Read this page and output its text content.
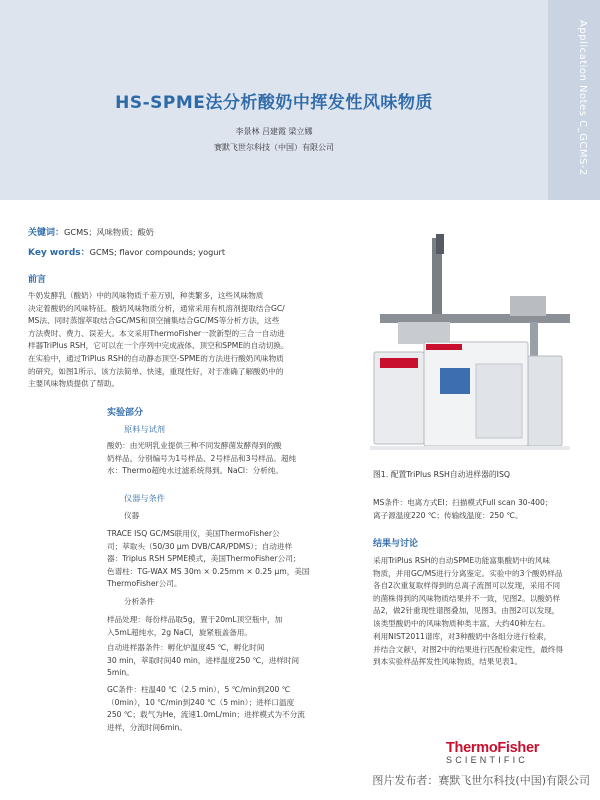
Application Notes C_GCMS-2
HS-SPME法分析酸奶中挥发性风味物质
李景林 吕建霞 梁立娜
赛默飞世尔科技（中国）有限公司
关键词：GCMS；风味物质；酸奶
Key words：GCMS; flavor compounds; yogurt
前言
牛奶发酵乳（酸奶）中的风味物质千差万别，种类繁多，这些风味物质
决定着酸奶的风味特征。酸奶风味物质分析，通常采用有机溶剂提取结合GC/
MS法、同时蒸馏萃取结合GC/MS和顶空捕集结合GC/MS等分析方法，这些
方法费时、费力、误差大。本文采用ThermoFisher一款新型的三合一自动进
样器TriPlus RSH，它可以在一个序列中完成液体、顶空和SPME的自动切换。
在实验中，通过TriPlus RSH的自动静态顶空-SPME的方法进行酸奶风味物质
的研究，如图1所示。该方法简单、快速，重现性好，对于准确了解酸奶中的
主要风味物质提供了帮助。
实验部分
原料与试剂
酸奶：由光明乳业提供三种不同发酵菌发酵得到的酸
奶样品，分别编号为1号样品、2号样品和3号样品。超纯
水：Thermo超纯水过滤系统得到。NaCl：分析纯。
仪器与条件
仪器
TRACE ISQ GC/MS联用仪，美国ThermoFisher公
司；萃取头（50/30 μm DVB/CAR/PDMS）；自动进样
器：Triplus RSH SPME模式，美国ThermoFisher公司；
色谱柱：TG-WAX MS 30m × 0.25mm × 0.25 μm，美国
ThermoFisher公司。
分析条件
样品处理：每份样品取5g，置于20mL顶空瓶中，加
入5mL超纯水，2g NaCl，旋紧瓶盖备用。
自动进样器条件：孵化炉温度45 ℃，孵化时间
30 min，萃取时间40 min，进样温度250 ℃，进样时间
5min。
GC条件：柱温40 ℃（2.5 min），5 ℃/min到200 ℃
（0min），10 ℃/min到240 ℃（5 min）；进样口温度
250 ℃；载气为He，流速1.0mL/min；进样模式为不分流
进样，分流时间6min。
图1. 配置TriPlus RSH自动进样器的ISQ
MS条件：电离方式EI；扫描模式Full scan 30-400；
离子源温度220 ℃；传输线温度：250 ℃。
结果与讨论
采用TriPlus RSH的自动SPME功能富集酸奶中的风味
物质，并用GC/MS进行分离鉴定。实验中的3个酸奶样品
各自2次重复取样得到的总离子流图可以发现，采用不同
的菌株得到的风味物质结果并不一致，见图2。以酸奶样
品2，做2针重现性谱图叠加，见图3。由图2可以发现，
该类型酸奶中的风味物质种类丰富，大约40种左右。
利用NIST2011谱库，对3种酸奶中各组分进行检索，
并结合文献¹，对图2中的结果进行匹配检索定性，最终得
到本实验样品挥发性风味物质，结果见表1。
ThermoFisher
SCIENTIFIC
图片发布者：赛默飞世尔科技(中国)有限公司
